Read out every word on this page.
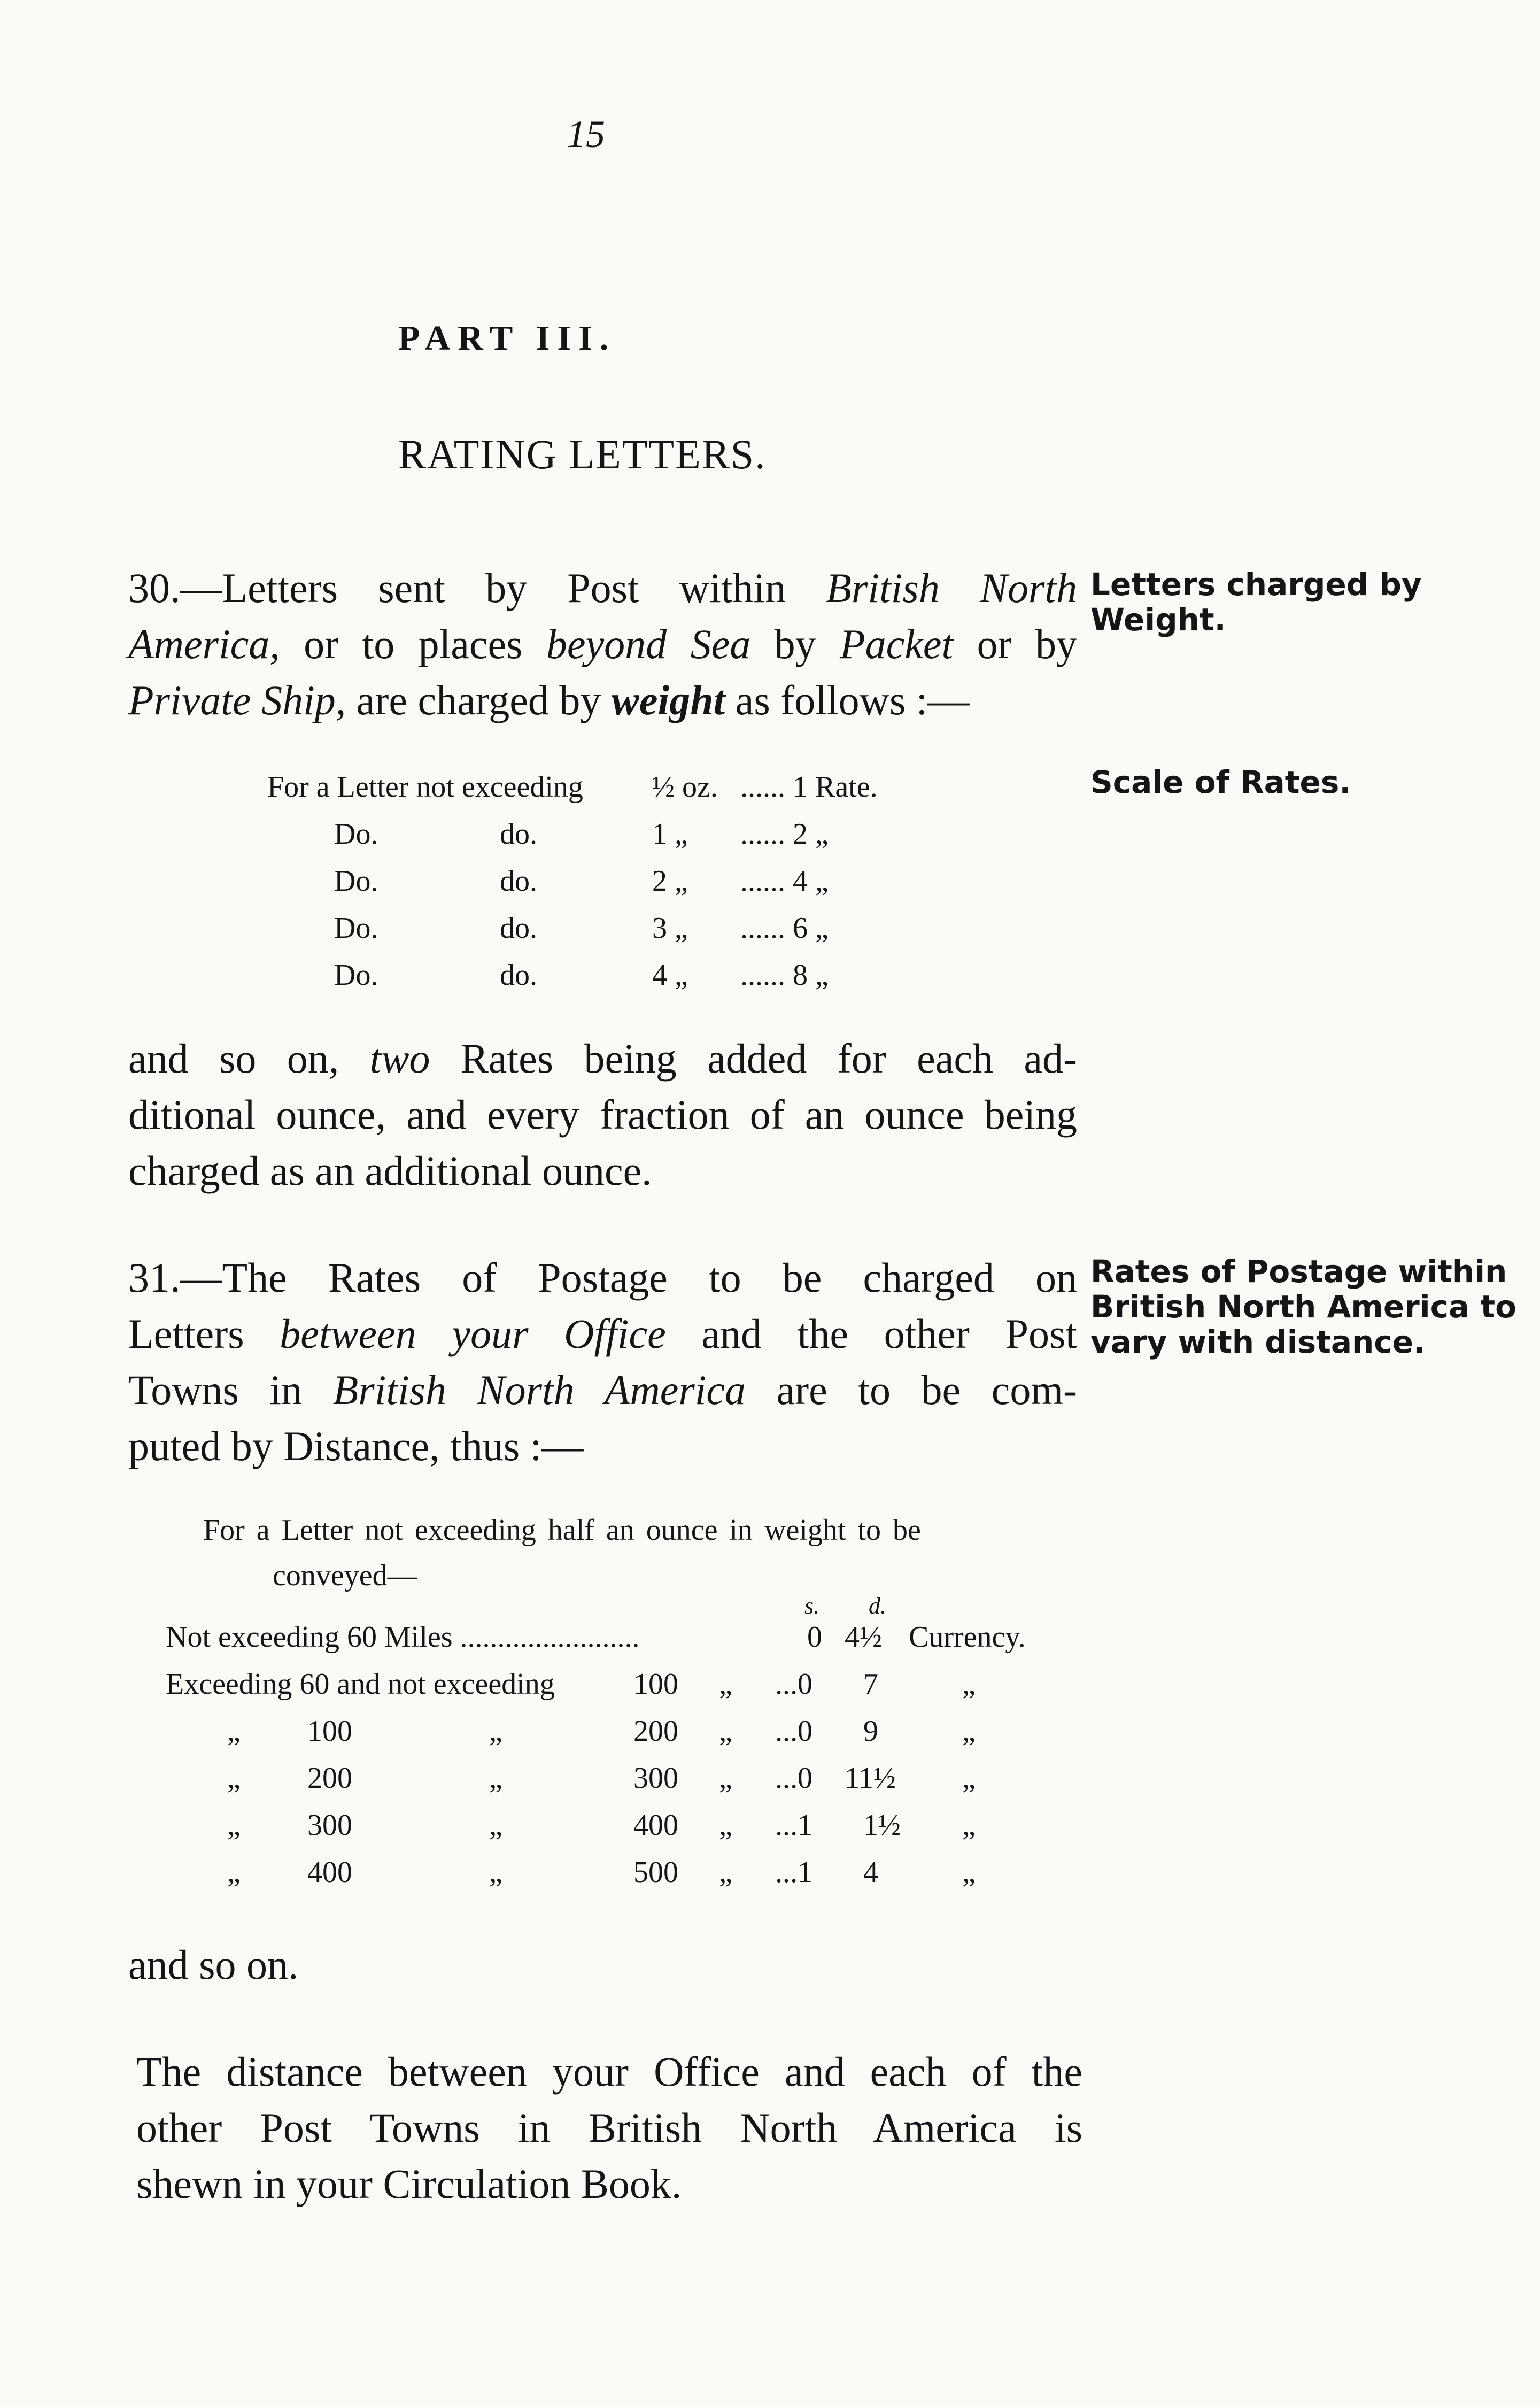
15
PART III.
RATING LETTERS.
30.—Letters sent by Post within British North
America, or to places beyond Sea by Packet or by
Private Ship, are charged by weight as follows :—
Letters charged by Weight.
Scale of Rates.
For a Letter not exceeding ½ oz. ...... 1 Rate.
Do.	do.	1 „ ...... 2 „
Do.	do.	2 „ ...... 4 „
Do.	do.	3 „ ...... 6 „
Do.	do.	4 „ ...... 8 „
and so on, two Rates being added for each ad-
ditional ounce, and every fraction of an ounce being
charged as an additional ounce.
31.—The Rates of Postage to be charged on
Letters between your Office and the other Post
Towns in British North America are to be com-
puted by Distance, thus :—
Rates of Postage within British North America to vary with distance.
For a Letter not exceeding half an ounce in weight to be
conveyed—
s. d.
Not exceeding 60 Miles ........................	0 4½ Currency.
Exceeding 60 and not exceeding	100 „ ...0 7	„
„ 100	„	200 „ ...0 9	„
„ 200	„	300 „ ...0 11½ „
„ 300	„	400 „ ...1 1½ „
„ 400	„	500 „ ...1 4	„
and so on.
The distance between your Office and each of the
other Post Towns in British North America is
shewn in your Circulation Book.
